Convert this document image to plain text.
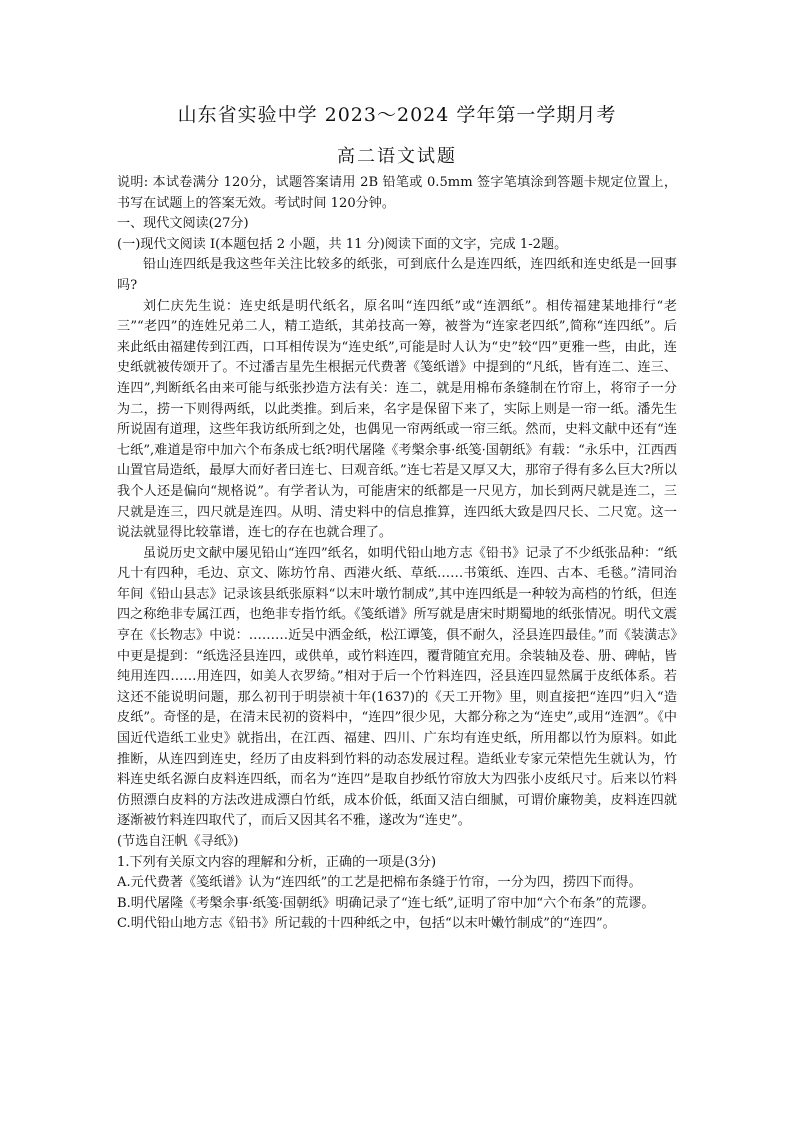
山东省实验中学 2023～2024 学年第一学期月考
高二语文试题

说明: 本试卷满分 120分，试题答案请用 2B 铅笔或 0.5mm 签字笔填涂到答题卡规定位置上，书写在试题上的答案无效。考试时间 120分钟。

一、现代文阅读(27分)

(一)现代文阅读 I(本题包括 2 小题，共 11 分)阅读下面的文字，完成 1-2题。

铅山连四纸是我这些年关注比较多的纸张，可到底什么是连四纸，连四纸和连史纸是一回事吗?

刘仁庆先生说：连史纸是明代纸名，原名叫“连四纸”或“连泗纸”。相传福建某地排行“老三”“老四”的连姓兄弟二人，精工造纸，其弟技高一筹，被誉为“连家老四纸”,简称“连四纸”。后来此纸由福建传到江西，口耳相传误为“连史纸”,可能是时人认为“史”较“四”更雅一些，由此，连史纸就被传颂开了。不过潘吉星先生根据元代费著《笺纸谱》中提到的“凡纸，皆有连二、连三、连四”,判断纸名由来可能与纸张抄造方法有关：连二，就是用棉布条缝制在竹帘上，将帘子一分为二，捞一下则得两纸，以此类推。到后来，名字是保留下来了，实际上则是一帘一纸。潘先生所说固有道理，这些年我访纸所到之处，也偶见一帘两纸或一帘三纸。然而，史料文献中还有“连七纸”,难道是帘中加六个布条成七纸?明代屠隆《考槃余事·纸笺·国朝纸》有载：“永乐中，江西西山置官局造纸，最厚大而好者曰连七、曰观音纸。”连七若是又厚又大，那帘子得有多么巨大?所以我个人还是偏向“规格说”。有学者认为，可能唐宋的纸都是一尺见方，加长到两尺就是连二，三尺就是连三，四尺就是连四。从明、清史料中的信息推算，连四纸大致是四尺长、二尺宽。这一说法就显得比较靠谱，连七的存在也就合理了。

虽说历史文献中屡见铅山“连四”纸名，如明代铅山地方志《铅书》记录了不少纸张品种：“纸凡十有四种，毛边、京文、陈坊竹帛、西港火纸、草纸……书策纸、连四、古本、毛毯。”清同治年间《铅山县志》记录该县纸张原料“以末叶墩竹制成”,其中连四纸是一种较为高档的竹纸，但连四之称绝非专属江西，也绝非专指竹纸。《笺纸谱》所写就是唐宋时期蜀地的纸张情况。明代文震亨在《长物志》中说：………近吴中洒金纸，松江谭笺，俱不耐久，泾县连四最佳。”而《装潢志》中更是提到：“纸选泾县连四，或供单，或竹料连四，覆背随宜充用。余装轴及卷、册、碑帖，皆纯用连四……用连四，如美人衣罗绮。”相对于后一个竹料连四，泾县连四显然属于皮纸体系。若这还不能说明问题，那么初刊于明崇祯十年(1637)的《天工开物》里，则直接把“连四”归入“造皮纸”。奇怪的是，在清末民初的资料中，“连四”很少见，大都分称之为“连史”,或用“连泗”。《中国近代造纸工业史》就指出，在江西、福建、四川、广东均有连史纸，所用都以竹为原料。如此推断，从连四到连史，经历了由皮料到竹料的动态发展过程。造纸业专家元荣恺先生就认为，竹料连史纸名源白皮料连四纸，而名为“连四”是取自抄纸竹帘放大为四张小皮纸尺寸。后来以竹料仿照漂白皮料的方法改进成漂白竹纸，成本价低，纸面又洁白细腻，可谓价廉物美，皮料连四就逐渐被竹料连四取代了，而后又因其名不雅，遂改为“连史”。

(节选自汪帆《寻纸》)

1.下列有关原文内容的理解和分析，正确的一项是(3分)

A.元代费著《笺纸谱》认为“连四纸”的工艺是把棉布条缝于竹帘，一分为四，捞四下而得。

B.明代屠隆《考槃余事·纸笺·国朝纸》明确记录了“连七纸”,证明了帘中加“六个布条”的荒谬。

C.明代铅山地方志《铅书》所记载的十四种纸之中，包括“以末叶嫩竹制成”的“连四”。
